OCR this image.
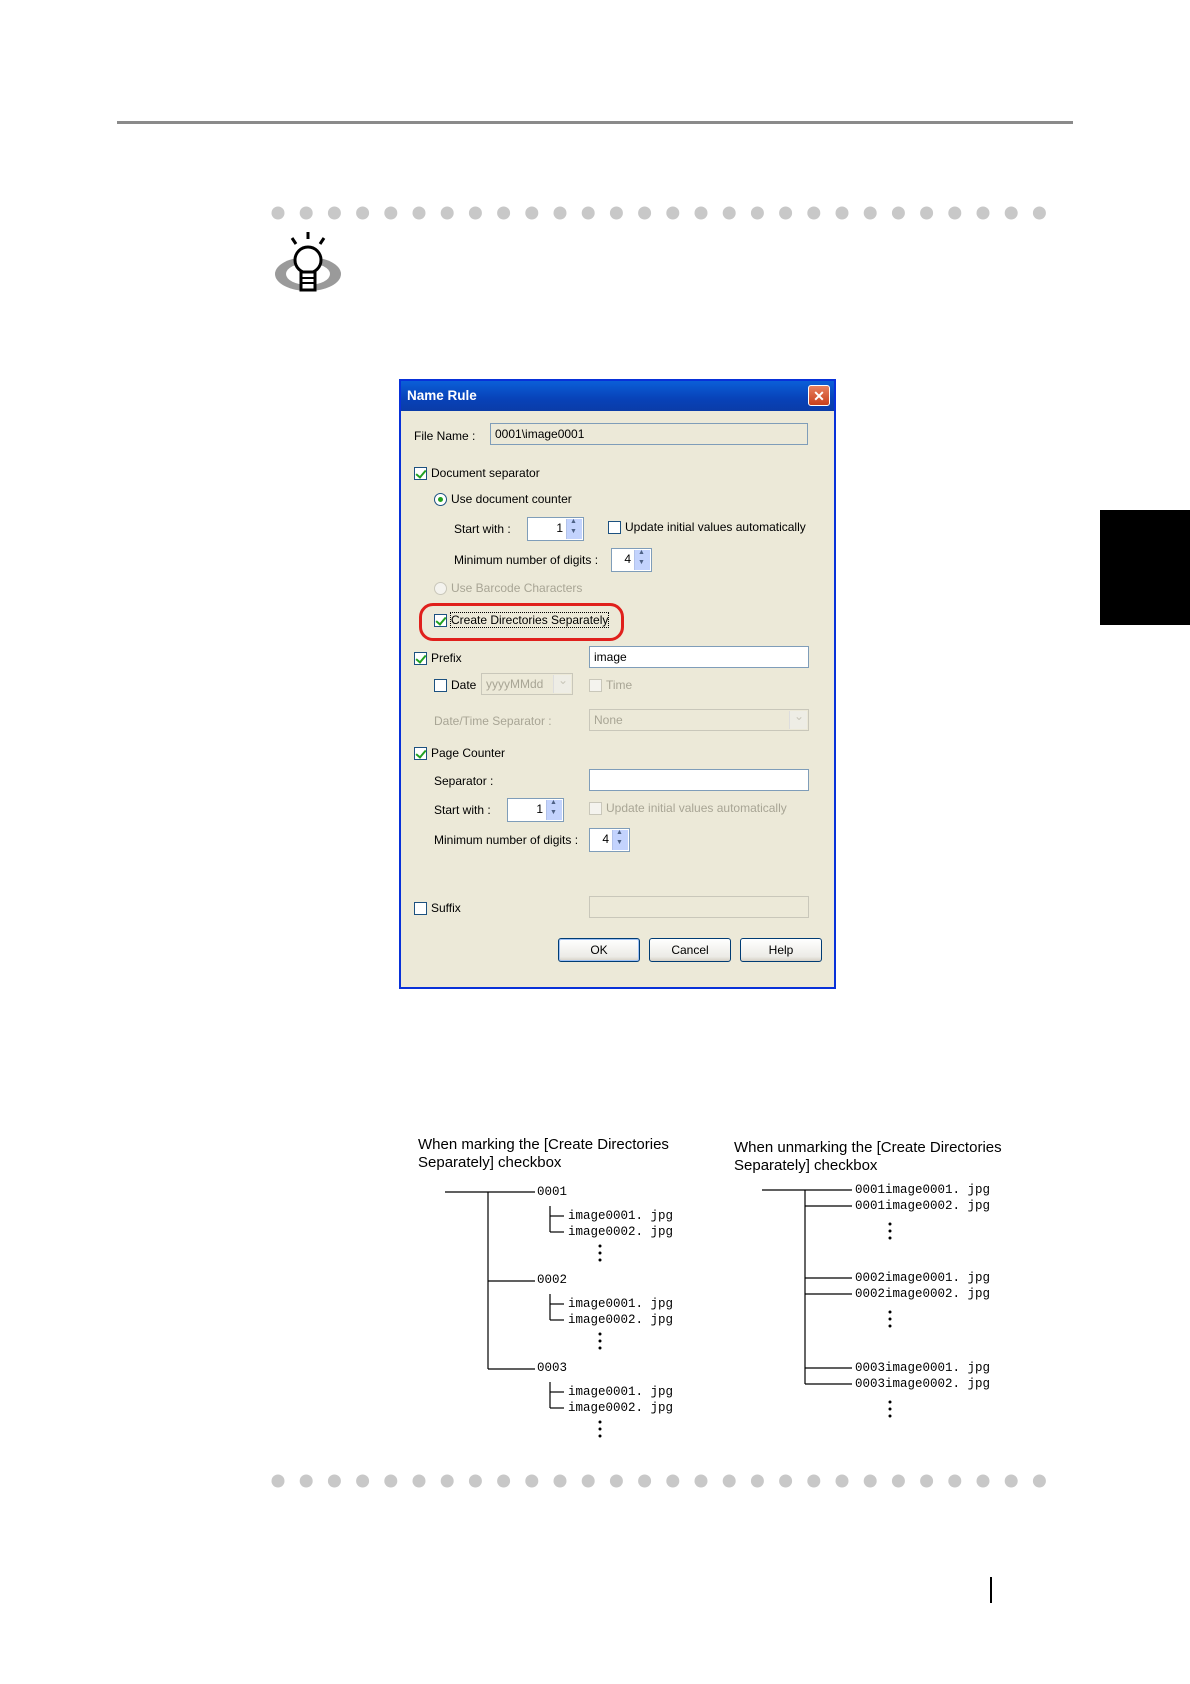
Name Rule	✕
File Name :	0001\image0001
Document separator
Use document counter
Start with :	1 ▲ ▼	Update initial values automatically
Minimum number of digits :	4
▲ ▼
Use Barcode Characters
Create Directories Separately
Prefix	image
Date yyyyMMdd ⌄	Time
Date/Time Separator :	None
⌄
Page Counter
Separator :
Start with :	1 ▲ ▼	Update initial values automatically
Minimum number of digits :	4
▲ ▼
Suffix
OK	Cancel	Help
When marking the [Create Directories
Separately] checkbox
When unmarking the [Create Directories
Separately] checkbox
0001
image0001. jpg
image0002. jpg
0002
image0001. jpg
image0002. jpg
0003
image0001. jpg
image0002. jpg
0001image0001. jpg
0001image0002. jpg
0002image0001. jpg
0002image0002. jpg
0003image0001. jpg
0003image0002. jpg
